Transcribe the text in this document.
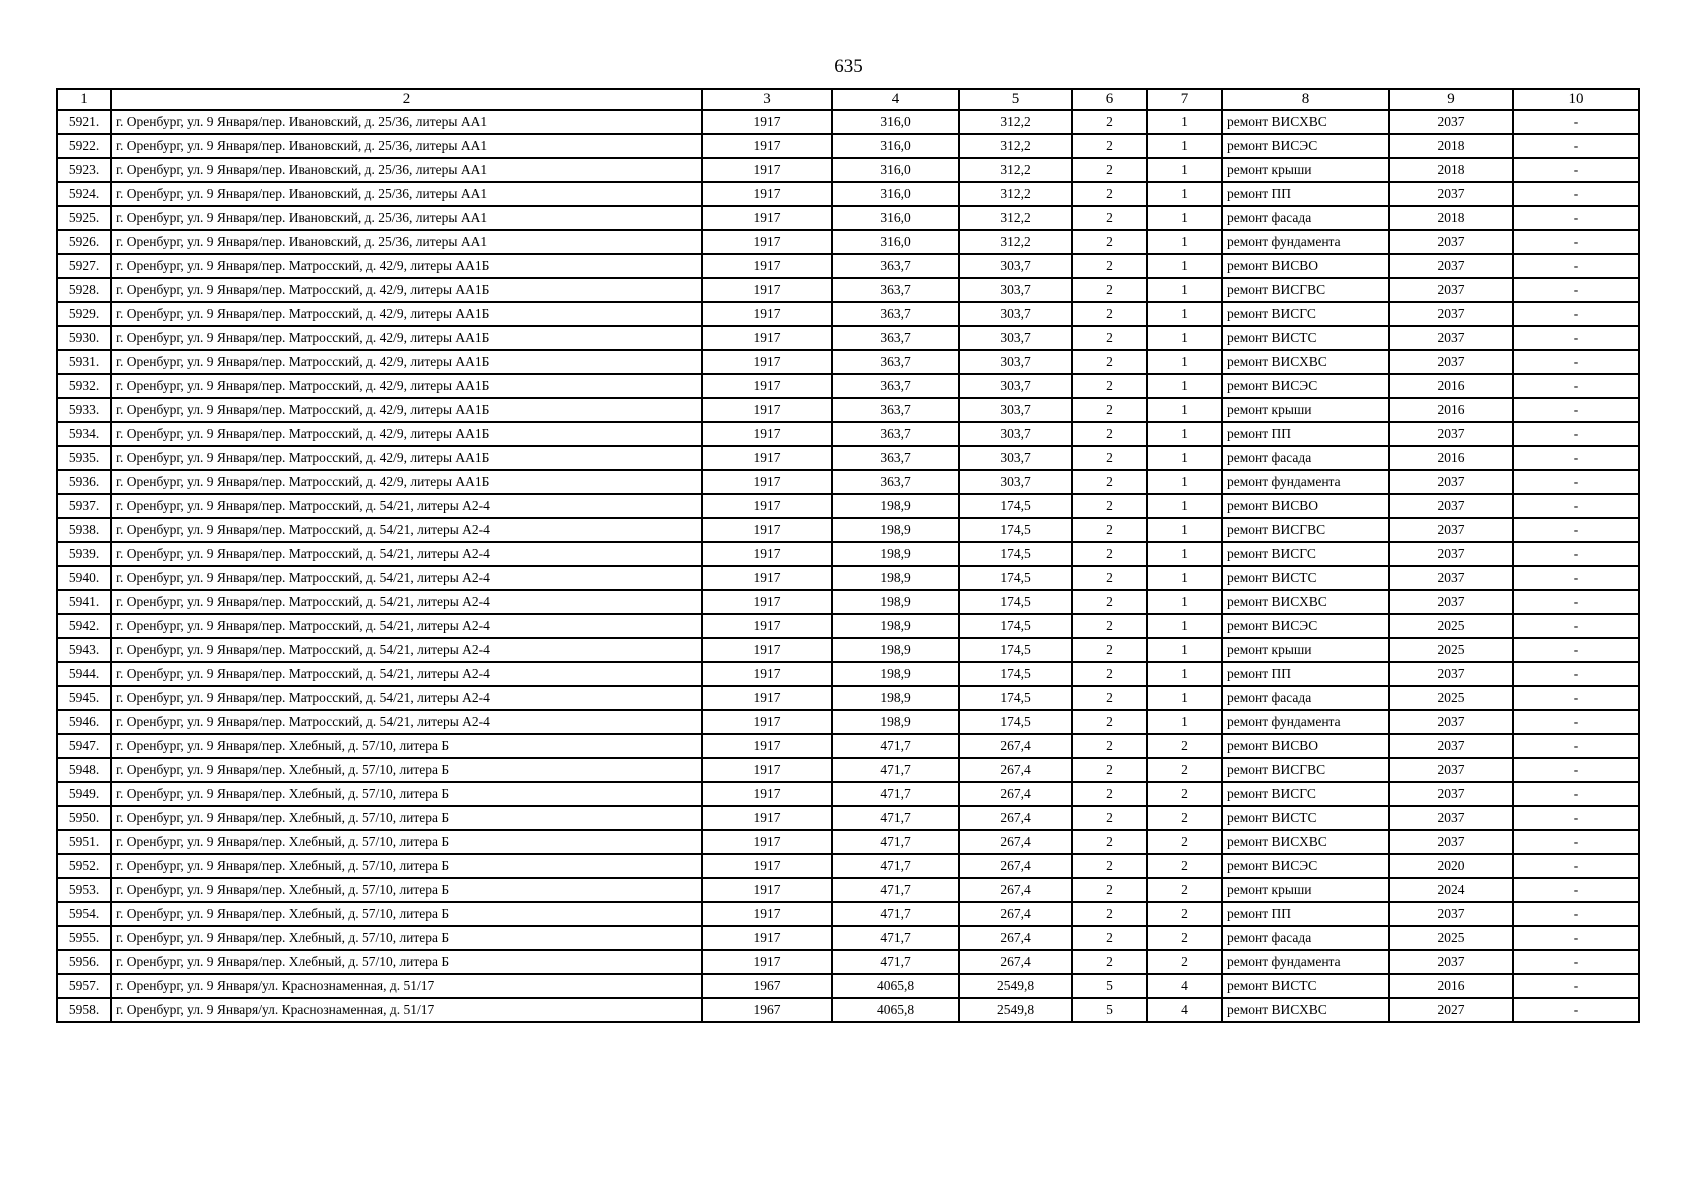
635
1	2	3	4	5	6	7	8	9	10
5921.	г. Оренбург, ул. 9 Января/пер. Ивановский, д. 25/36, литеры АА1	1917	316,0	312,2	2	1	ремонт ВИСХВС	2037	-
5922.	г. Оренбург, ул. 9 Января/пер. Ивановский, д. 25/36, литеры АА1	1917	316,0	312,2	2	1	ремонт ВИСЭС	2018	-
5923.	г. Оренбург, ул. 9 Января/пер. Ивановский, д. 25/36, литеры АА1	1917	316,0	312,2	2	1	ремонт крыши	2018	-
5924.	г. Оренбург, ул. 9 Января/пер. Ивановский, д. 25/36, литеры АА1	1917	316,0	312,2	2	1	ремонт ПП	2037	-
5925.	г. Оренбург, ул. 9 Января/пер. Ивановский, д. 25/36, литеры АА1	1917	316,0	312,2	2	1	ремонт фасада	2018	-
5926.	г. Оренбург, ул. 9 Января/пер. Ивановский, д. 25/36, литеры АА1	1917	316,0	312,2	2	1	ремонт фундамента	2037	-
5927.	г. Оренбург, ул. 9 Января/пер. Матросский, д. 42/9, литеры АА1Б	1917	363,7	303,7	2	1	ремонт ВИСВО	2037	-
5928.	г. Оренбург, ул. 9 Января/пер. Матросский, д. 42/9, литеры АА1Б	1917	363,7	303,7	2	1	ремонт ВИСГВС	2037	-
5929.	г. Оренбург, ул. 9 Января/пер. Матросский, д. 42/9, литеры АА1Б	1917	363,7	303,7	2	1	ремонт ВИСГС	2037	-
5930.	г. Оренбург, ул. 9 Января/пер. Матросский, д. 42/9, литеры АА1Б	1917	363,7	303,7	2	1	ремонт ВИСТС	2037	-
5931.	г. Оренбург, ул. 9 Января/пер. Матросский, д. 42/9, литеры АА1Б	1917	363,7	303,7	2	1	ремонт ВИСХВС	2037	-
5932.	г. Оренбург, ул. 9 Января/пер. Матросский, д. 42/9, литеры АА1Б	1917	363,7	303,7	2	1	ремонт ВИСЭС	2016	-
5933.	г. Оренбург, ул. 9 Января/пер. Матросский, д. 42/9, литеры АА1Б	1917	363,7	303,7	2	1	ремонт крыши	2016	-
5934.	г. Оренбург, ул. 9 Января/пер. Матросский, д. 42/9, литеры АА1Б	1917	363,7	303,7	2	1	ремонт ПП	2037	-
5935.	г. Оренбург, ул. 9 Января/пер. Матросский, д. 42/9, литеры АА1Б	1917	363,7	303,7	2	1	ремонт фасада	2016	-
5936.	г. Оренбург, ул. 9 Января/пер. Матросский, д. 42/9, литеры АА1Б	1917	363,7	303,7	2	1	ремонт фундамента	2037	-
5937.	г. Оренбург, ул. 9 Января/пер. Матросский, д. 54/21, литеры А2-4	1917	198,9	174,5	2	1	ремонт ВИСВО	2037	-
5938.	г. Оренбург, ул. 9 Января/пер. Матросский, д. 54/21, литеры А2-4	1917	198,9	174,5	2	1	ремонт ВИСГВС	2037	-
5939.	г. Оренбург, ул. 9 Января/пер. Матросский, д. 54/21, литеры А2-4	1917	198,9	174,5	2	1	ремонт ВИСГС	2037	-
5940.	г. Оренбург, ул. 9 Января/пер. Матросский, д. 54/21, литеры А2-4	1917	198,9	174,5	2	1	ремонт ВИСТС	2037	-
5941.	г. Оренбург, ул. 9 Января/пер. Матросский, д. 54/21, литеры А2-4	1917	198,9	174,5	2	1	ремонт ВИСХВС	2037	-
5942.	г. Оренбург, ул. 9 Января/пер. Матросский, д. 54/21, литеры А2-4	1917	198,9	174,5	2	1	ремонт ВИСЭС	2025	-
5943.	г. Оренбург, ул. 9 Января/пер. Матросский, д. 54/21, литеры А2-4	1917	198,9	174,5	2	1	ремонт крыши	2025	-
5944.	г. Оренбург, ул. 9 Января/пер. Матросский, д. 54/21, литеры А2-4	1917	198,9	174,5	2	1	ремонт ПП	2037	-
5945.	г. Оренбург, ул. 9 Января/пер. Матросский, д. 54/21, литеры А2-4	1917	198,9	174,5	2	1	ремонт фасада	2025	-
5946.	г. Оренбург, ул. 9 Января/пер. Матросский, д. 54/21, литеры А2-4	1917	198,9	174,5	2	1	ремонт фундамента	2037	-
5947.	г. Оренбург, ул. 9 Января/пер. Хлебный, д. 57/10, литера Б	1917	471,7	267,4	2	2	ремонт ВИСВО	2037	-
5948.	г. Оренбург, ул. 9 Января/пер. Хлебный, д. 57/10, литера Б	1917	471,7	267,4	2	2	ремонт ВИСГВС	2037	-
5949.	г. Оренбург, ул. 9 Января/пер. Хлебный, д. 57/10, литера Б	1917	471,7	267,4	2	2	ремонт ВИСГС	2037	-
5950.	г. Оренбург, ул. 9 Января/пер. Хлебный, д. 57/10, литера Б	1917	471,7	267,4	2	2	ремонт ВИСТС	2037	-
5951.	г. Оренбург, ул. 9 Января/пер. Хлебный, д. 57/10, литера Б	1917	471,7	267,4	2	2	ремонт ВИСХВС	2037	-
5952.	г. Оренбург, ул. 9 Января/пер. Хлебный, д. 57/10, литера Б	1917	471,7	267,4	2	2	ремонт ВИСЭС	2020	-
5953.	г. Оренбург, ул. 9 Января/пер. Хлебный, д. 57/10, литера Б	1917	471,7	267,4	2	2	ремонт крыши	2024	-
5954.	г. Оренбург, ул. 9 Января/пер. Хлебный, д. 57/10, литера Б	1917	471,7	267,4	2	2	ремонт ПП	2037	-
5955.	г. Оренбург, ул. 9 Января/пер. Хлебный, д. 57/10, литера Б	1917	471,7	267,4	2	2	ремонт фасада	2025	-
5956.	г. Оренбург, ул. 9 Января/пер. Хлебный, д. 57/10, литера Б	1917	471,7	267,4	2	2	ремонт фундамента	2037	-
5957.	г. Оренбург, ул. 9 Января/ул. Краснознаменная, д. 51/17	1967	4065,8	2549,8	5	4	ремонт ВИСТС	2016	-
5958.	г. Оренбург, ул. 9 Января/ул. Краснознаменная, д. 51/17	1967	4065,8	2549,8	5	4	ремонт ВИСХВС	2027	-
